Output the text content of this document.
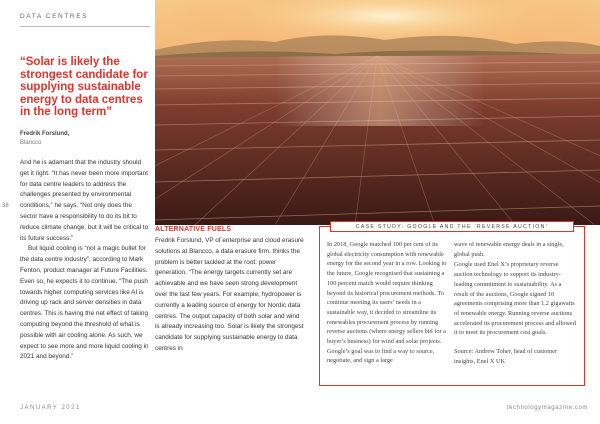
DATA CENTRES
38
“Solar is likely the strongest candidate for supplying sustainable energy to data centres in the long term”
Fredrik Forslund,
Blancco

And he is adamant that the industry should get it right. “It has never been more important for data centre leaders to address the challenges presented by environmental conditions,” he says. “Not only does the sector have a responsibility to do its bit to reduce climate change, but it will be critical to its future success.”

But liquid cooling is “not a magic bullet for the data centre industry”, according to Mark Fenton, product manager at Future Facilities. Even so, he expects it to continue. “The push towards higher computing services like AI is driving up rack and server densities in data centres. This is having the net effect of taking computing beyond the threshold of what is possible with air cooling alone. As such, we expect to see more and more liquid cooling in 2021 and beyond.”

ALTERNATIVE FUELS
Fredrik Forslund, VP of enterprise and cloud erasure solutions at Blancco, a data erasure firm, thinks the problem is better tackled at the root: power generation. “The energy targets currently set are achievable and we have seen strong development over the last few years. For example, hydropower is currently a leading source of energy for Nordic data centres. The output capacity of both solar and wind is already increasing too. Solar is likely the strongest candidate for supplying sustainable energy to data centres in
CASE STUDY: GOOGLE AND THE ‘REVERSE AUCTION’

In 2018, Google matched 100 per cent of its global electricity consumption with renewable energy for the second year in a row. Looking to the future, Google recognised that sustaining a 100 percent match would require thinking beyond its historical procurement methods. To continue meeting its users’ needs in a sustainable way, it decided to streamline its renewables procurement process by running reverse auctions (where energy sellers bid for a buyer’s business) for wind and solar projects. Google’s goal was to find a way to source, negotiate, and sign a large

wave of renewable energy deals in a single, global push.

Google used Enel X’s proprietary reverse auction technology to support its industry-leading commitment to sustainability. As a result of the auctions, Google signed 10 agreements comprising more than 1.2 gigawatts of renewable energy. Running reverse auctions accelerated its procurement process and allowed it to meet its procurement cost goals.

Source: Andrew Toher, head of customer insights, Enel X UK

JANUARY 2021	technologymagazine.com
